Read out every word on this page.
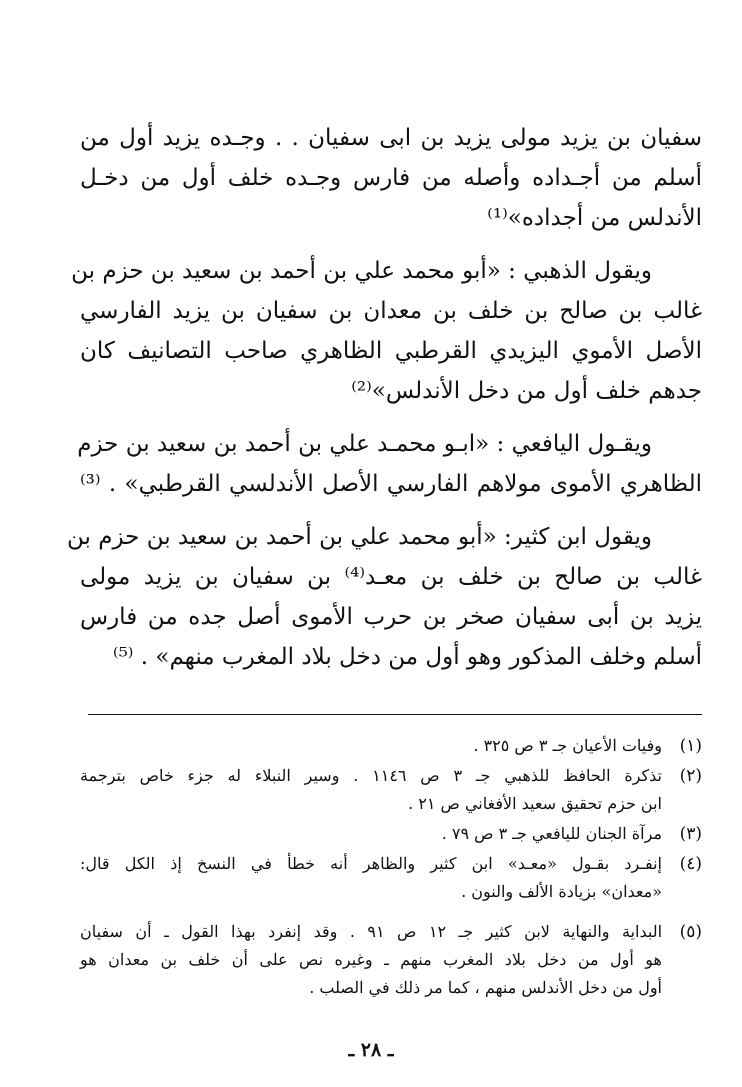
سفيان بن يزيد مولى يزيد بن ابى سفيان . . وجـده يزيد أول من
أسلم من أجـداده وأصله من فارس وجـده خلف أول من دخـل
الأندلس من أجداده»⁽¹⁾
ويقول الذهبي : «أبو محمد علي بن أحمد بن سعيد بن حزم بن
غالب بن صالح بن خلف بن معدان بن سفيان بن يزيد الفارسي
الأصل الأموي اليزيدي القرطبي الظاهري صاحب التصانيف كان
جدهم خلف أول من دخل الأندلس»⁽²⁾
ويقـول اليافعي : «ابـو محمـد علي بن أحمد بن سعيد بن حزم
الظاهري الأموى مولاهم الفارسي الأصل الأندلسي القرطبي» . ⁽³⁾
ويقول ابن كثير: «أبو محمد علي بن أحمد بن سعيد بن حزم بن
غالب بن صالح بن خلف بن معـد⁽⁴⁾ بن سفيان بن يزيد مولى
يزيد بن أبى سفيان صخر بن حرب الأموى أصل جده من فارس
أسلم وخلف المذكور وهو أول من دخل بلاد المغرب منهم» . ⁽⁵⁾
(١)
وفيات الأعيان جـ ٣ ص ٣٢٥ .
(٢)
تذكرة الحافظ للذهبي جـ ٣ ص ١١٤٦ . وسير النبلاء له جزء خاص بترجمة
ابن حزم تحقيق سعيد الأفغاني ص ٢١ .
(٣)
مرآة الجنان لليافعي جـ ٣ ص ٧٩ .
(٤)
إنفـرد بقـول «معـد» ابن كثير والظاهر أنه خطأ في النسخ إذ الكل قال:
«معدان» بزيادة الألف والنون .
(٥)
البداية والنهاية لابن كثير جـ ١٢ ص ٩١ . وقد إنفرد بهذا القول ـ أن سفيان
هو أول من دخل بلاد المغرب منهم ـ وغيره نص على أن خلف بن معدان هو
أول من دخل الأندلس منهم ، كما مر ذلك في الصلب .
ـ ٢٨ ـ
